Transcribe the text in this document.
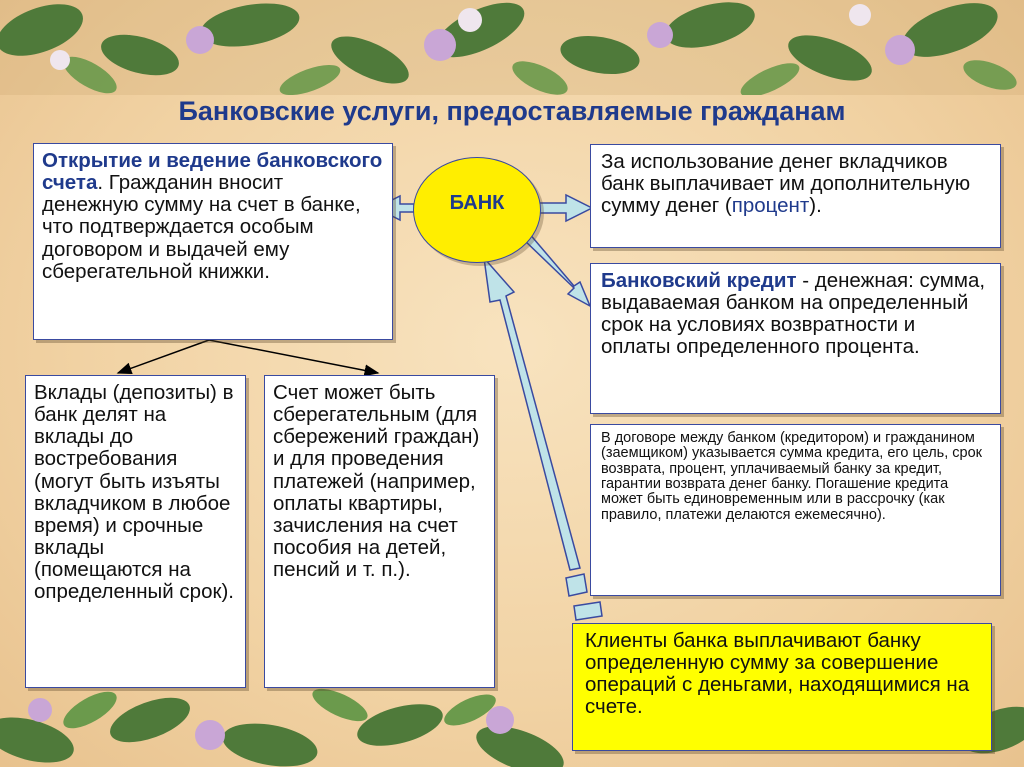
Банковские услуги, предоставляемые гражданам
Открытие и ведение банковского счета. Гражданин вносит денежную сумму на счет в банке, что подтверждается особым договором и выдачей ему сберегательной книжки.
БАНК
За использование денег вкладчиков банк выплачивает им дополнительную сумму денег (процент).
Банковский кредит - денежная: сумма, выдаваемая банком на определенный срок на условиях возвратности и оплаты определенного процента.
В договоре между банком (кредитором) и гражданином (заемщиком) указывается сумма кредита, его цель, срок возврата, процент, уплачиваемый банку за кредит, гарантии возврата денег банку. Погашение кредита может быть единовременным или в рассрочку (как правило, платежи делаются ежемесячно).
Вклады (депозиты) в банк делят на вклады до востребования (могут быть изъяты вкладчиком в любое время) и срочные вклады (помещаются на определенный срок).
Счет может быть сберегательным (для сбережений граждан) и для проведения платежей (например, оплаты квартиры, зачисления на счет пособия на детей, пенсий и т. п.).
Клиенты банка выплачивают банку определенную сумму за совершение операций с деньгами, находящимися на счете.
